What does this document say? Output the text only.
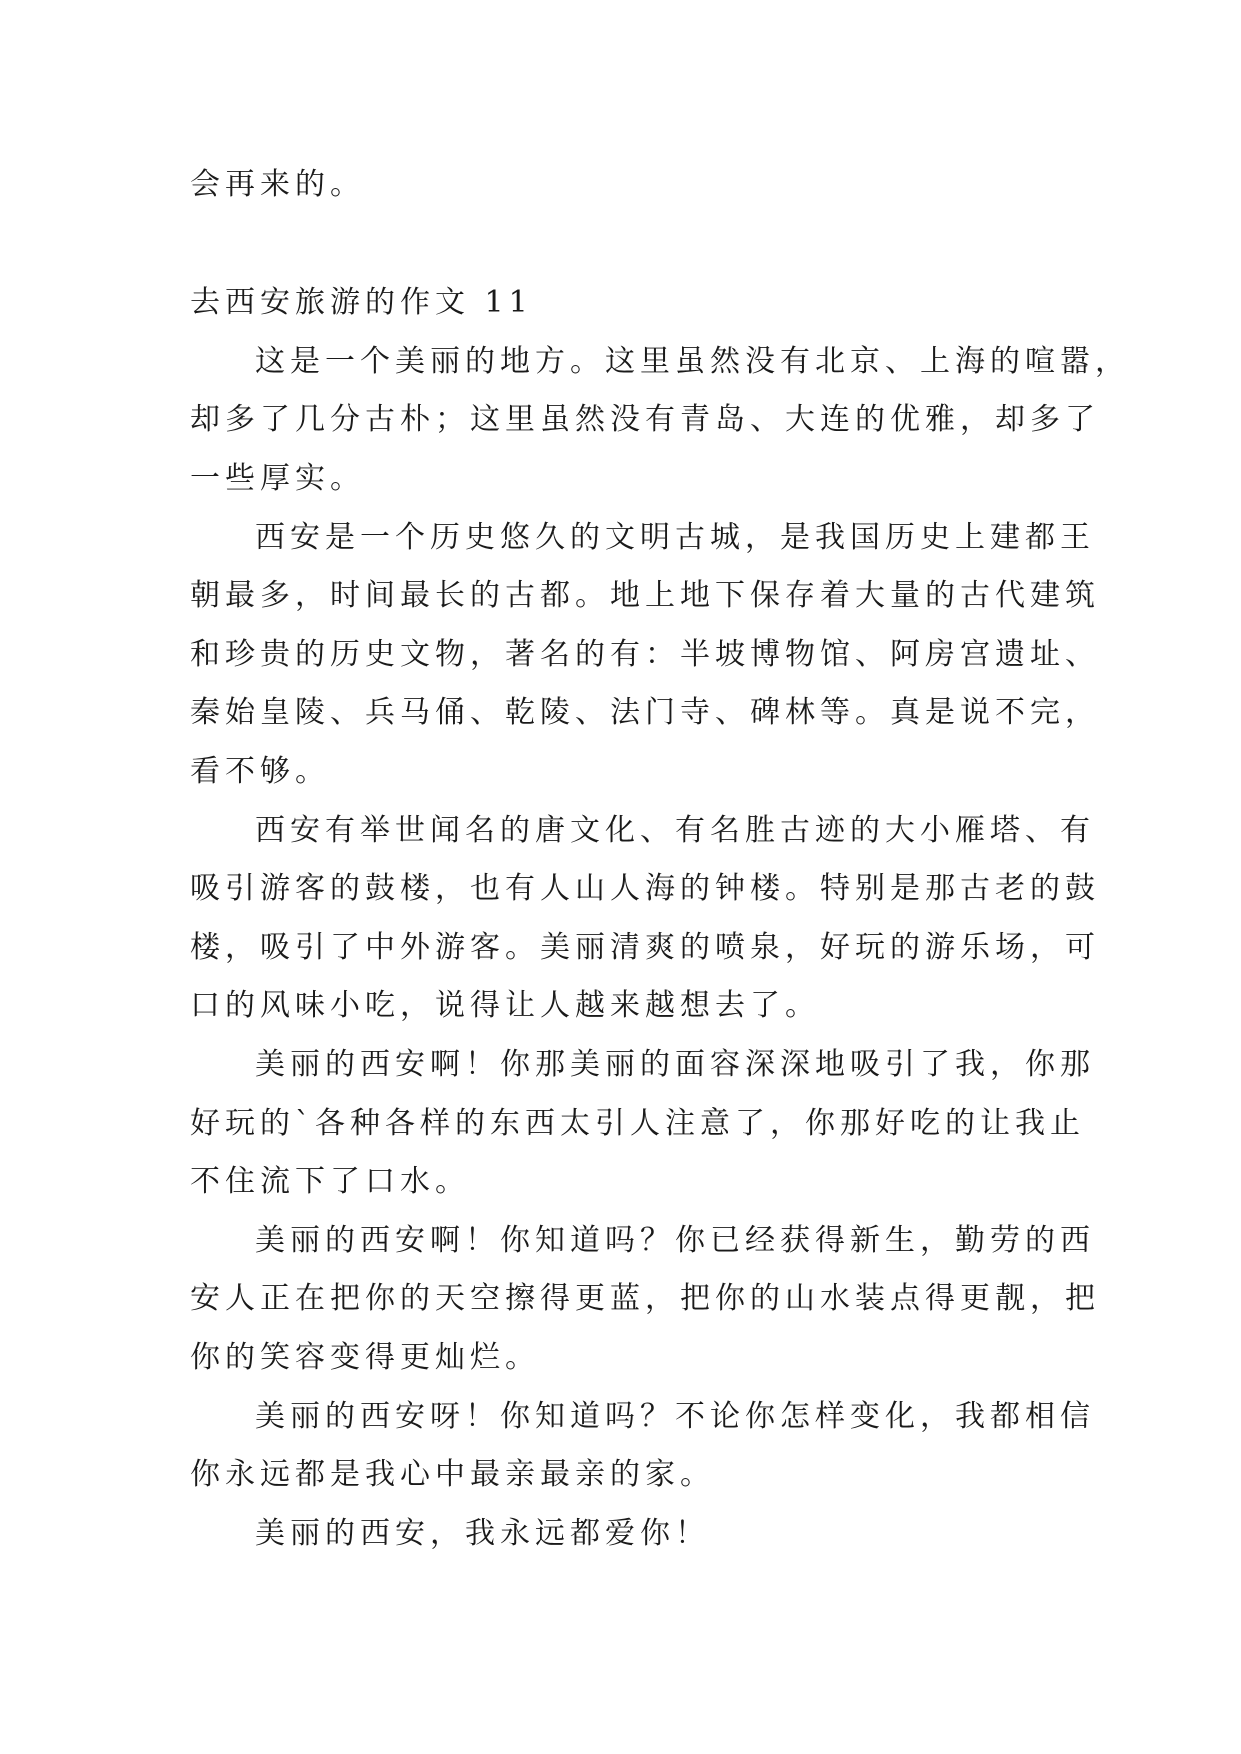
会再来的。
去西安旅游的作文 11
这是一个美丽的地方。这里虽然没有北京、上海的喧嚣，
却多了几分古朴；这里虽然没有青岛、大连的优雅，却多了
一些厚实。
西安是一个历史悠久的文明古城，是我国历史上建都王
朝最多，时间最长的古都。地上地下保存着大量的古代建筑
和珍贵的历史文物，著名的有：半坡博物馆、阿房宫遗址、
秦始皇陵、兵马俑、乾陵、法门寺、碑林等。真是说不完，
看不够。
西安有举世闻名的唐文化、有名胜古迹的大小雁塔、有
吸引游客的鼓楼，也有人山人海的钟楼。特别是那古老的鼓
楼，吸引了中外游客。美丽清爽的喷泉，好玩的游乐场，可
口的风味小吃，说得让人越来越想去了。
美丽的西安啊！你那美丽的面容深深地吸引了我，你那
好玩的`各种各样的东西太引人注意了，你那好吃的让我止
不住流下了口水。
美丽的西安啊！你知道吗？你已经获得新生，勤劳的西
安人正在把你的天空擦得更蓝，把你的山水装点得更靓，把
你的笑容变得更灿烂。
美丽的西安呀！你知道吗？不论你怎样变化，我都相信
你永远都是我心中最亲最亲的家。
美丽的西安，我永远都爱你！
